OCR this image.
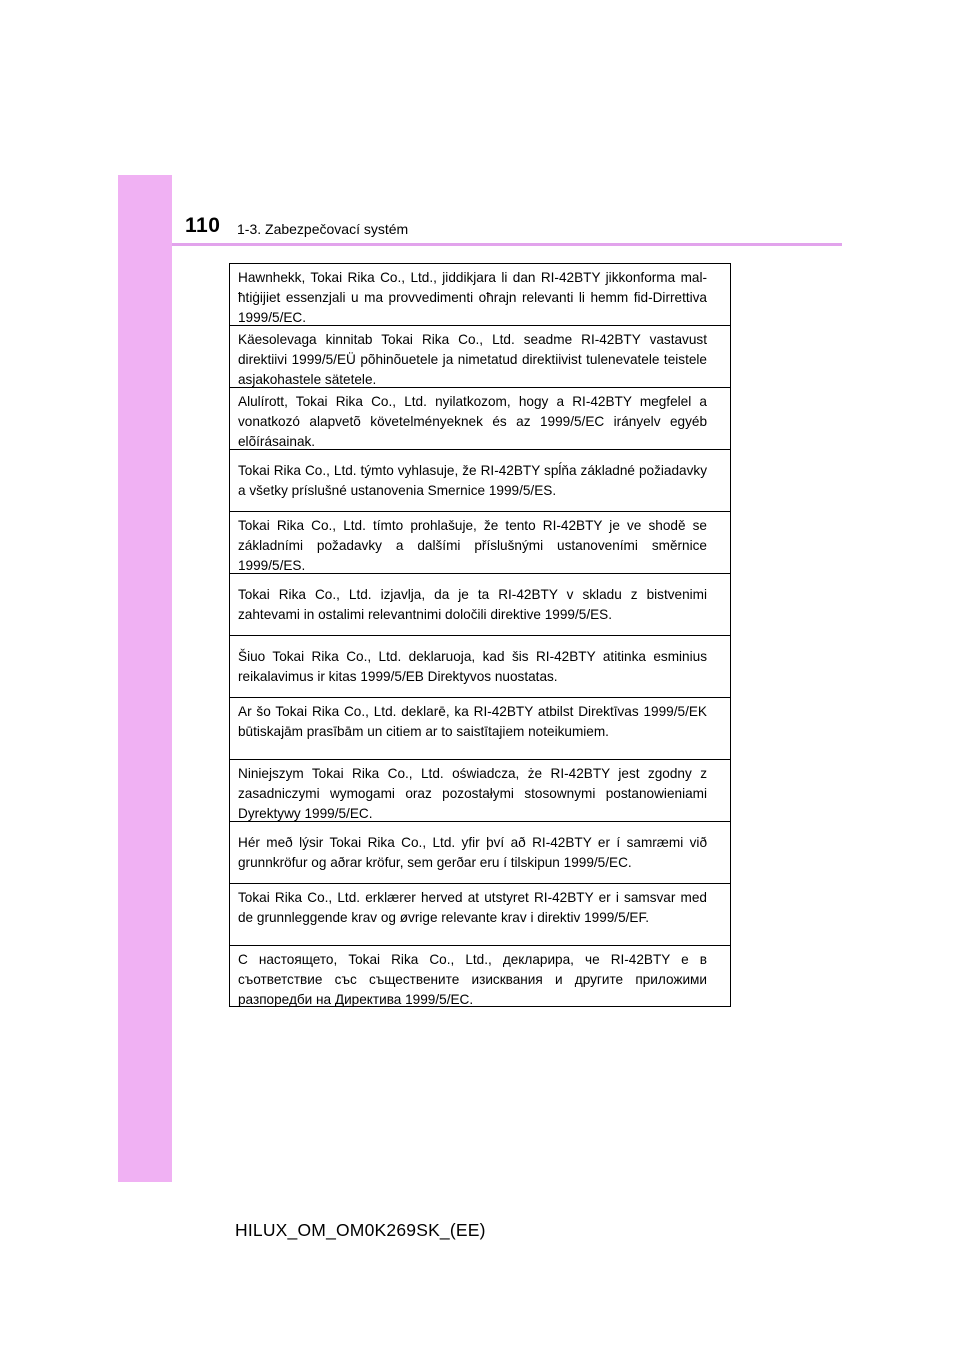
110 1-3. Zabezpečovací systém

Hawnhekk, Tokai Rika Co., Ltd., jiddikjara li dan RI-42BTY jikkonforma mal-ħtiġijiet essenzjali u ma provvedimenti oħrajn relevanti li hemm fid-Dirrettiva 1999/5/EC.

Käesolevaga kinnitab Tokai Rika Co., Ltd. seadme RI-42BTY vastavust direktiivi 1999/5/EÜ põhinõuetele ja nimetatud direktiivist tulenevatele teistele asjakohastele sätetele.

Alulírott, Tokai Rika Co., Ltd. nyilatkozom, hogy a RI-42BTY megfelel a vonatkozó alapvetõ követelményeknek és az 1999/5/EC irányelv egyéb elõírásainak.

Tokai Rika Co., Ltd. týmto vyhlasuje, že RI-42BTY spĺňa základné požiadavky a všetky príslušné ustanovenia Smernice 1999/5/ES.

Tokai Rika Co., Ltd. tímto prohlašuje, že tento RI-42BTY je ve shodě se základními požadavky a dalšími příslušnými ustanoveními směrnice 1999/5/ES.

Tokai Rika Co., Ltd. izjavlja, da je ta RI-42BTY v skladu z bistvenimi zahtevami in ostalimi relevantnimi določili direktive 1999/5/ES.

Šiuo Tokai Rika Co., Ltd. deklaruoja, kad šis RI-42BTY atitinka esminius reikalavimus ir kitas 1999/5/EB Direktyvos nuostatas.

Ar šo Tokai Rika Co., Ltd. deklarē, ka RI-42BTY atbilst Direktīvas 1999/5/EK būtiskajām prasībām un citiem ar to saistītajiem noteikumiem.

Niniejszym Tokai Rika Co., Ltd. oświadcza, że RI-42BTY jest zgodny z zasadniczymi wymogami oraz pozostałymi stosownymi postanowieniami Dyrektywy 1999/5/EC.

Hér með lýsir Tokai Rika Co., Ltd. yfir því að RI-42BTY er í samræmi við grunnkröfur og aðrar kröfur, sem gerðar eru í tilskipun 1999/5/EC.

Tokai Rika Co., Ltd. erklærer herved at utstyret RI-42BTY er i samsvar med de grunnleggende krav og øvrige relevante krav i direktiv 1999/5/EF.

С настоящето, Tokai Rika Co., Ltd., декларира, че RI-42BTY е в съответствие със съществените изисквания и другите приложими разпоредби на Директива 1999/5/EC.

HILUX_OM_OM0K269SK_(EE)
